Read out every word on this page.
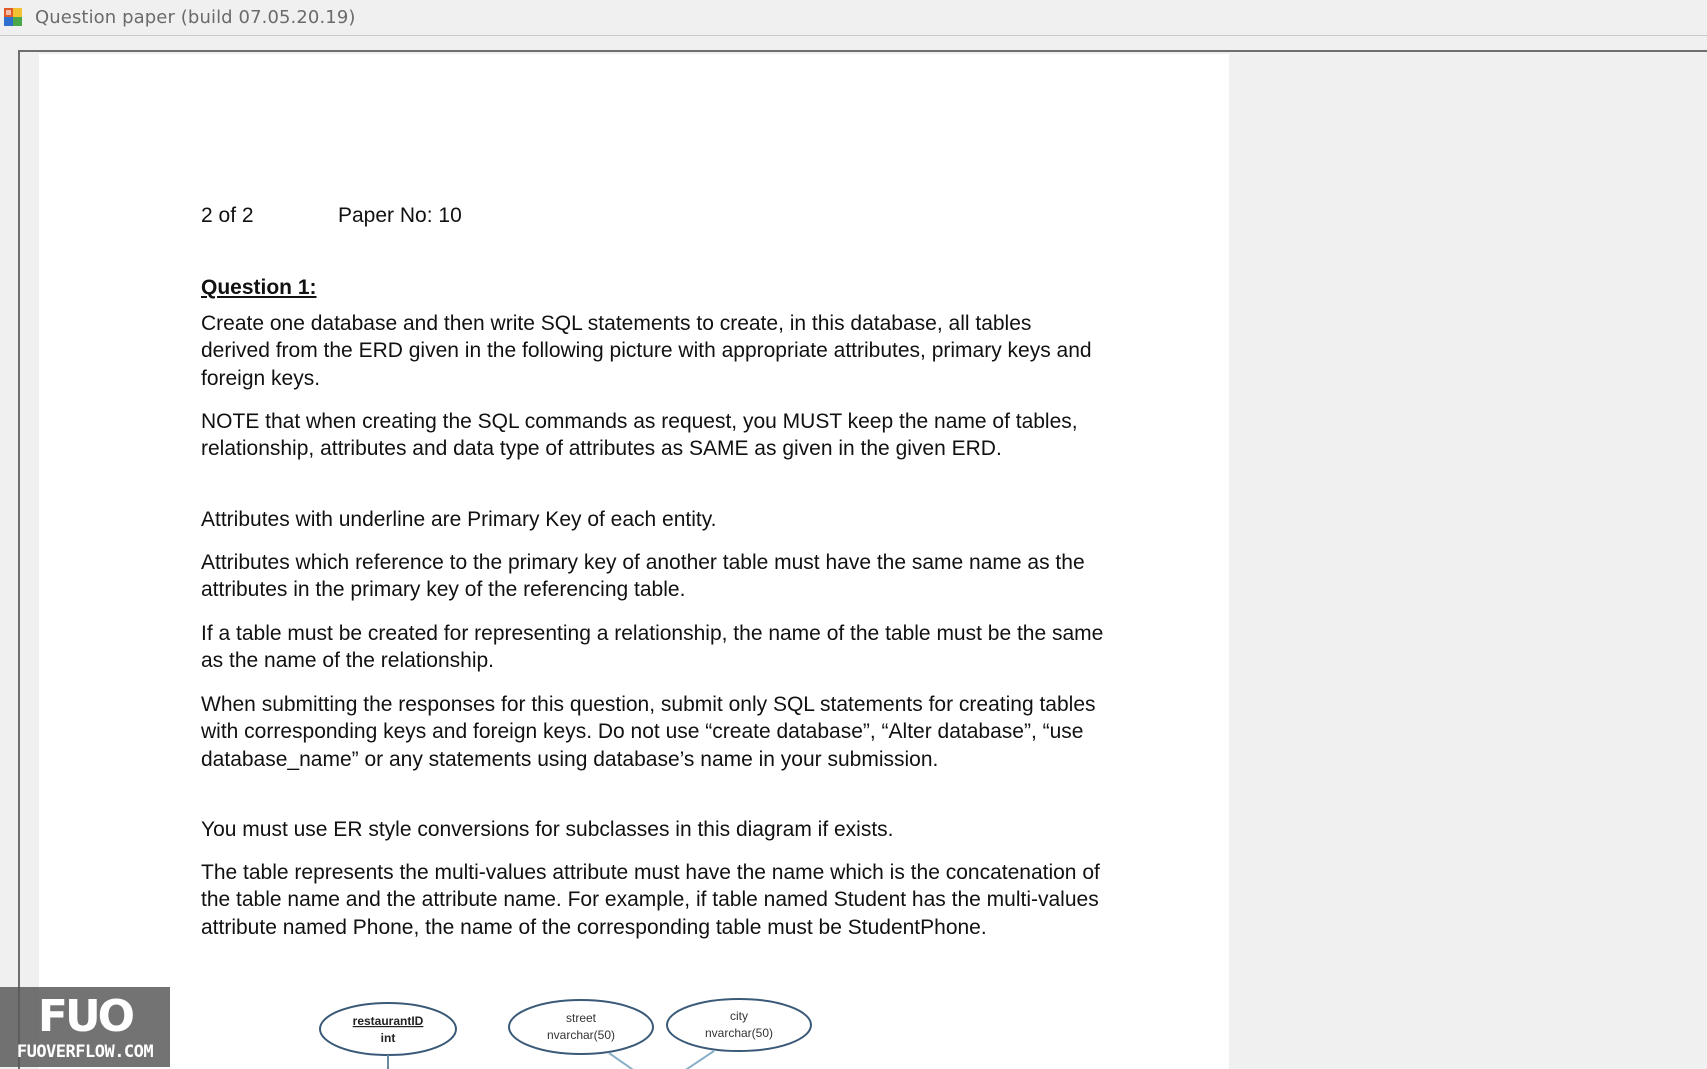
Question paper (build 07.05.20.19)
2 of 2	Paper No: 10
Question 1:

Create one database and then write SQL statements to create, in this database, all tables derived from the ERD given in the following picture with appropriate attributes, primary keys and foreign keys.

NOTE that when creating the SQL commands as request, you MUST keep the name of tables, relationship, attributes and data type of attributes as SAME as given in the given ERD.

Attributes with underline are Primary Key of each entity.

Attributes which reference to the primary key of another table must have the same name as the attributes in the primary key of the referencing table.

If a table must be created for representing a relationship, the name of the table must be the same as the name of the relationship.

When submitting the responses for this question, submit only SQL statements for creating tables with corresponding keys and foreign keys. Do not use “create database”, “Alter database”, “use database_name” or any statements using database’s name in your submission.

You must use ER style conversions for subclasses in this diagram if exists.

The table represents the multi-values attribute must have the name which is the concatenation of the table name and the attribute name. For example, if table named Student has the multi-values attribute named Phone, the name of the corresponding table must be StudentPhone.

restaurantID
int
street
nvarchar(50)
city
nvarchar(50)
FUO
FUOVERFLOW.COM
